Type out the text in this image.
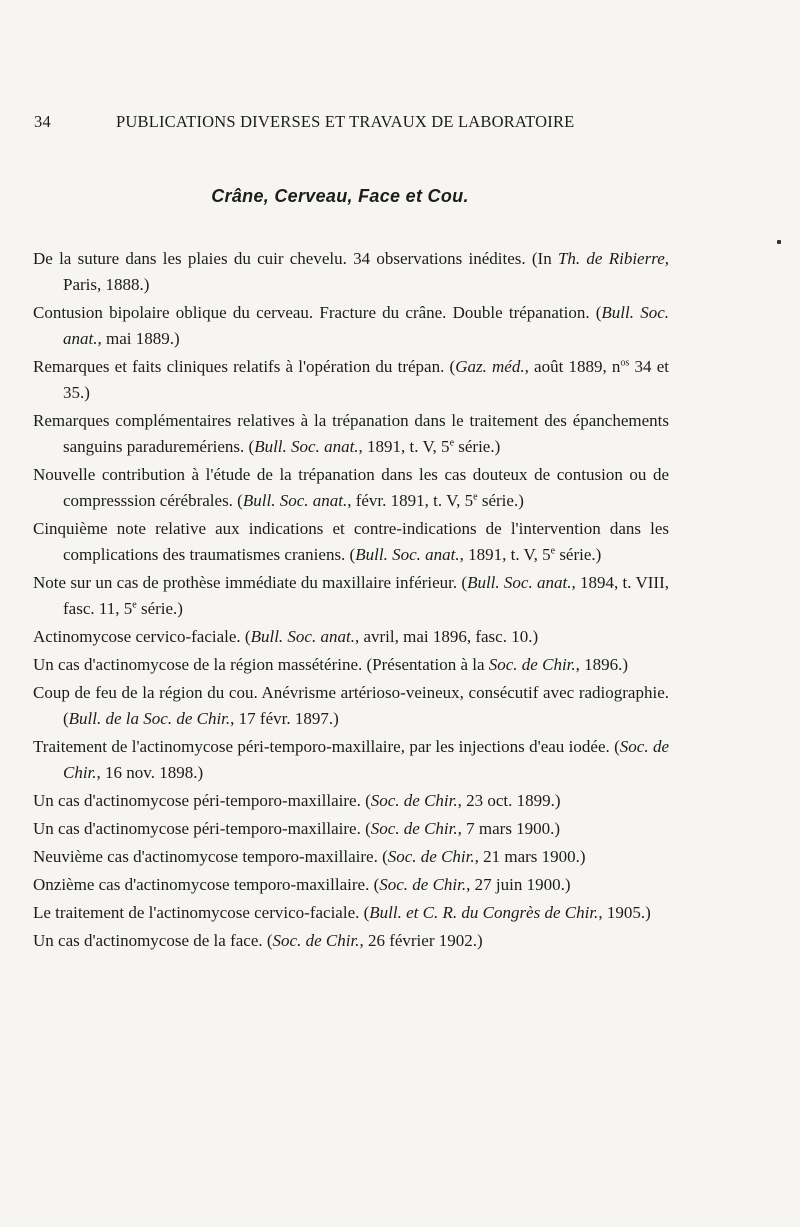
34	PUBLICATIONS DIVERSES ET TRAVAUX DE LABORATOIRE
Crâne, Cerveau, Face et Cou.

De la suture dans les plaies du cuir chevelu. 34 observations inédites. (In Th. de Ribierre, Paris, 1888.)

Contusion bipolaire oblique du cerveau. Fracture du crâne. Double trépanation. (Bull. Soc. anat., mai 1889.)

Remarques et faits cliniques relatifs à l'opération du trépan. (Gaz. méd., août 1889, $n^{os}$ 34 et 35.)

Remarques complémentaires relatives à la trépanation dans le traitement des épanchements sanguins paraduremériens. (Bull. Soc. anat., 1891, t. V, 5e série.)

Nouvelle contribution à l'étude de la trépanation dans les cas douteux de contusion ou de compresssion cérébrales. (Bull. Soc. anat., févr. 1891, t. V, 5e série.)

Cinquième note relative aux indications et contre-indications de l'intervention dans les complications des traumatismes craniens. (Bull. Soc. anat., 1891, t. V, 5e série.)

Note sur un cas de prothèse immédiate du maxillaire inférieur. (Bull. Soc. anat., 1894, t. VIII, fasc. 11, 5e série.)

Actinomycose cervico-faciale. (Bull. Soc. anat., avril, mai 1896, fasc. 10.)

Un cas d'actinomycose de la région massétérine. (Présentation à la Soc. de Chir., 1896.)

Coup de feu de la région du cou. Anévrisme artérioso-veineux, consécutif avec radiographie. (Bull. de la Soc. de Chir., 17 févr. 1897.)

Traitement de l'actinomycose péri-temporo-maxillaire, par les injections d'eau iodée. (Soc. de Chir., 16 nov. 1898.)

Un cas d'actinomycose péri-temporo-maxillaire. (Soc. de Chir., 23 oct. 1899.)

Un cas d'actinomycose péri-temporo-maxillaire. (Soc. de Chir., 7 mars 1900.)

Neuvième cas d'actinomycose temporo-maxillaire. (Soc. de Chir., 21 mars 1900.)

Onzième cas d'actinomycose temporo-maxillaire. (Soc. de Chir., 27 juin 1900.)

Le traitement de l'actinomycose cervico-faciale. (Bull. et C. R. du Congrès de Chir., 1905.)

Un cas d'actinomycose de la face. (Soc. de Chir., 26 février 1902.)
